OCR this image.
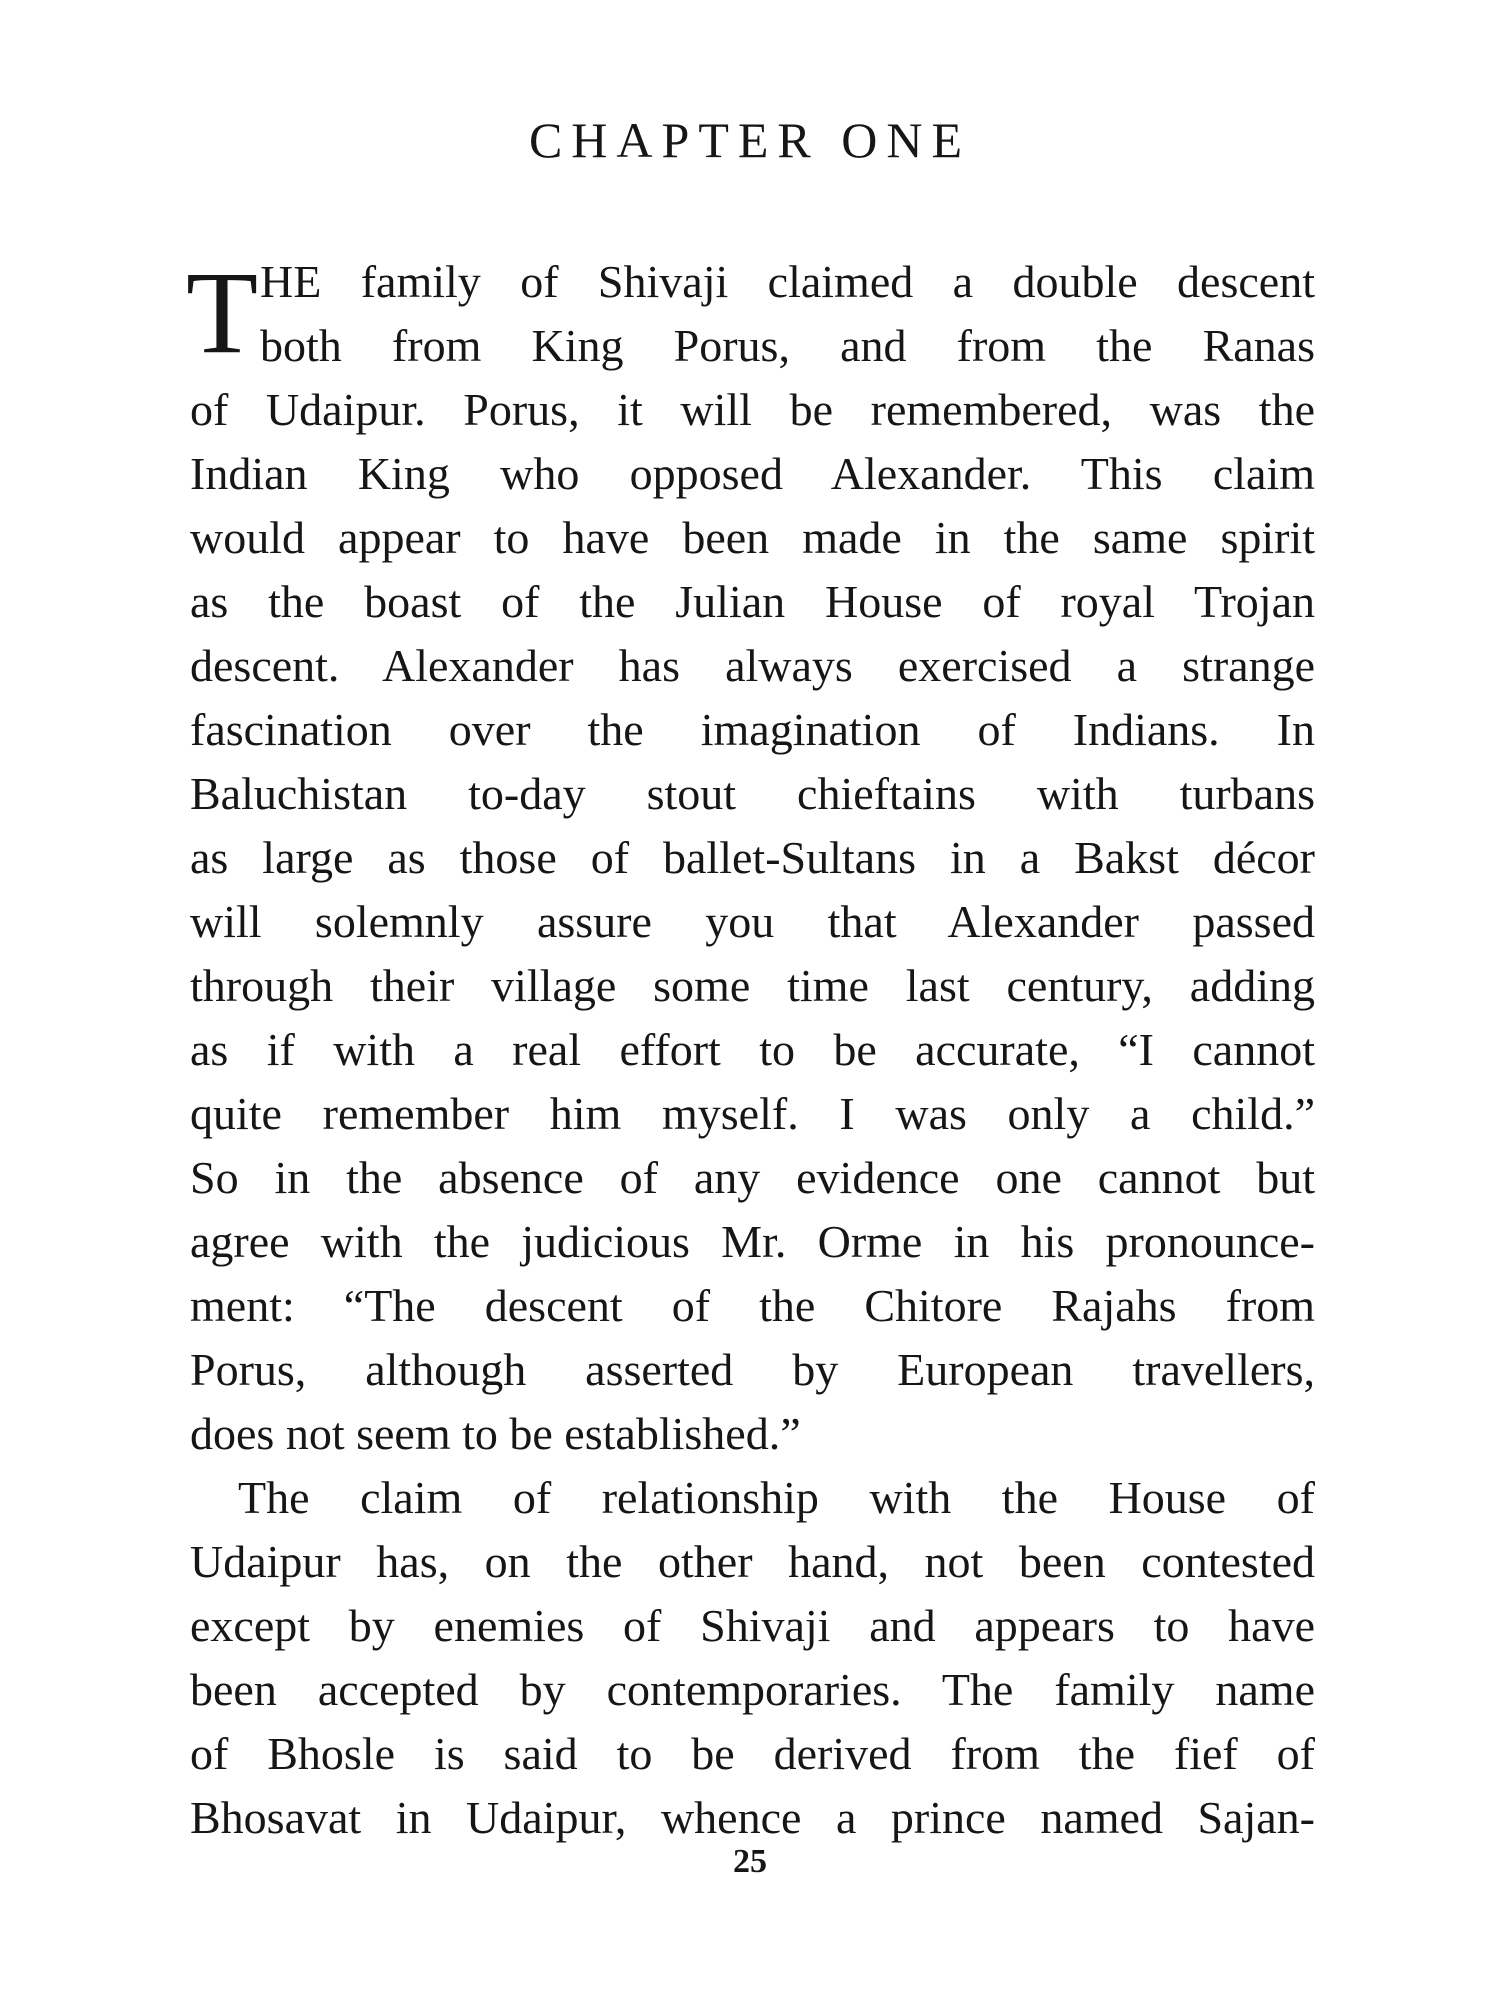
CHAPTER ONE
T HE family of Shivaji claimed a double descent
both from King Porus, and from the Ranas
of Udaipur. Porus, it will be remembered, was the
Indian King who opposed Alexander. This claim
would appear to have been made in the same spirit
as the boast of the Julian House of royal Trojan
descent. Alexander has always exercised a strange
fascination over the imagination of Indians. In
Baluchistan to-day stout chieftains with turbans
as large as those of ballet-Sultans in a Bakst décor
will solemnly assure you that Alexander passed
through their village some time last century, adding
as if with a real effort to be accurate, “I cannot
quite remember him myself. I was only a child.”
So in the absence of any evidence one cannot but
agree with the judicious Mr. Orme in his pronounce-
ment: “The descent of the Chitore Rajahs from
Porus, although asserted by European travellers,
does not seem to be established.”
The claim of relationship with the House of
Udaipur has, on the other hand, not been contested
except by enemies of Shivaji and appears to have
been accepted by contemporaries. The family name
of Bhosle is said to be derived from the fief of
Bhosavat in Udaipur, whence a prince named Sajan-
25
